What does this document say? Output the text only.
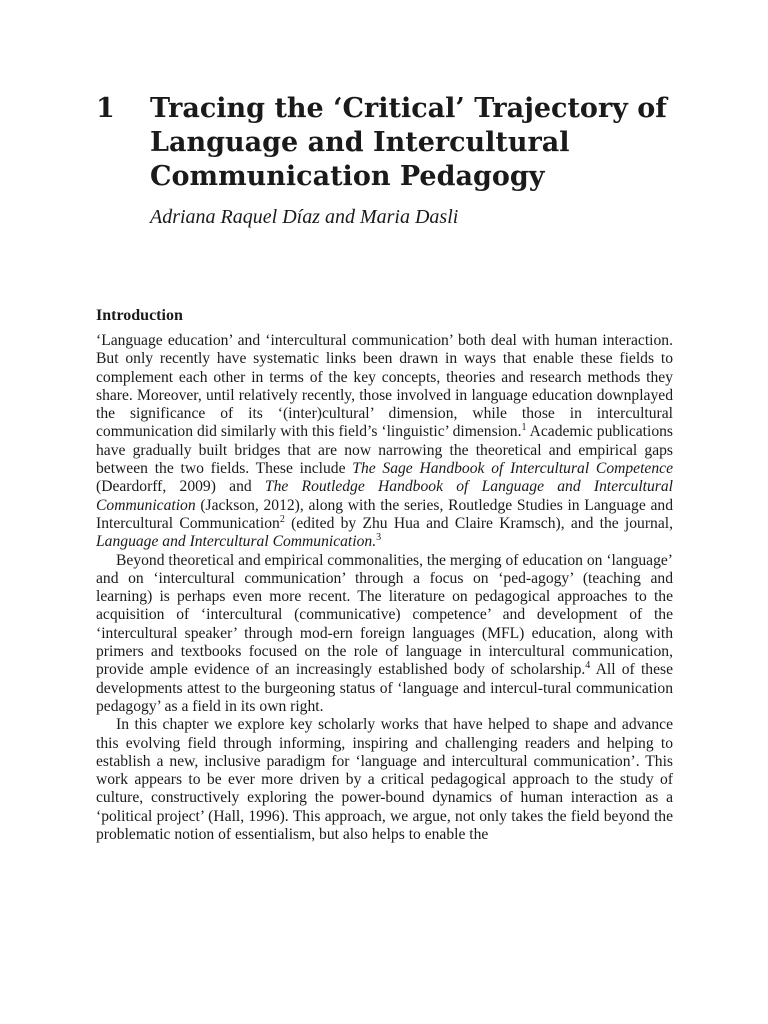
1 Tracing the ‘Critical’ Trajectory of Language and Intercultural Communication Pedagogy

Adriana Raquel Díaz and Maria Dasli

Introduction

‘Language education’ and ‘intercultural communication’ both deal with human interaction. But only recently have systematic links been drawn in ways that enable these fields to complement each other in terms of the key concepts, theories and research methods they share. Moreover, until relatively recently, those involved in language education downplayed the significance of its ‘(inter)cultural’ dimension, while those in intercultural communication did similarly with this field’s ‘linguistic’ dimension.$^1$ Academic publications have gradually built bridges that are now narrowing the theoretical and empirical gaps between the two fields. These include The Sage Handbook of Intercultural Competence (Deardorff, 2009) and The Routledge Handbook of Language and Intercultural Communication (Jackson, 2012), along with the series, Routledge Studies in Language and Intercultural Communication$^2$ (edited by Zhu Hua and Claire Kramsch), and the journal, Language and Intercultural Communication.$^3$

Beyond theoretical and empirical commonalities, the merging of education on ‘language’ and on ‘intercultural communication’ through a focus on ‘ped-agogy’ (teaching and learning) is perhaps even more recent. The literature on pedagogical approaches to the acquisition of ‘intercultural (communicative) competence’ and development of the ‘intercultural speaker’ through mod-ern foreign languages (MFL) education, along with primers and textbooks focused on the role of language in intercultural communication, provide ample evidence of an increasingly established body of scholarship.$^4$ All of these developments attest to the burgeoning status of ‘language and intercul-tural communication pedagogy’ as a field in its own right.

In this chapter we explore key scholarly works that have helped to shape and advance this evolving field through informing, inspiring and challenging readers and helping to establish a new, inclusive paradigm for ‘language and intercultural communication’. This work appears to be ever more driven by a critical pedagogical approach to the study of culture, constructively exploring the power-bound dynamics of human interaction as a ‘political project’ (Hall, 1996). This approach, we argue, not only takes the field beyond the problematic notion of essentialism, but also helps to enable the
